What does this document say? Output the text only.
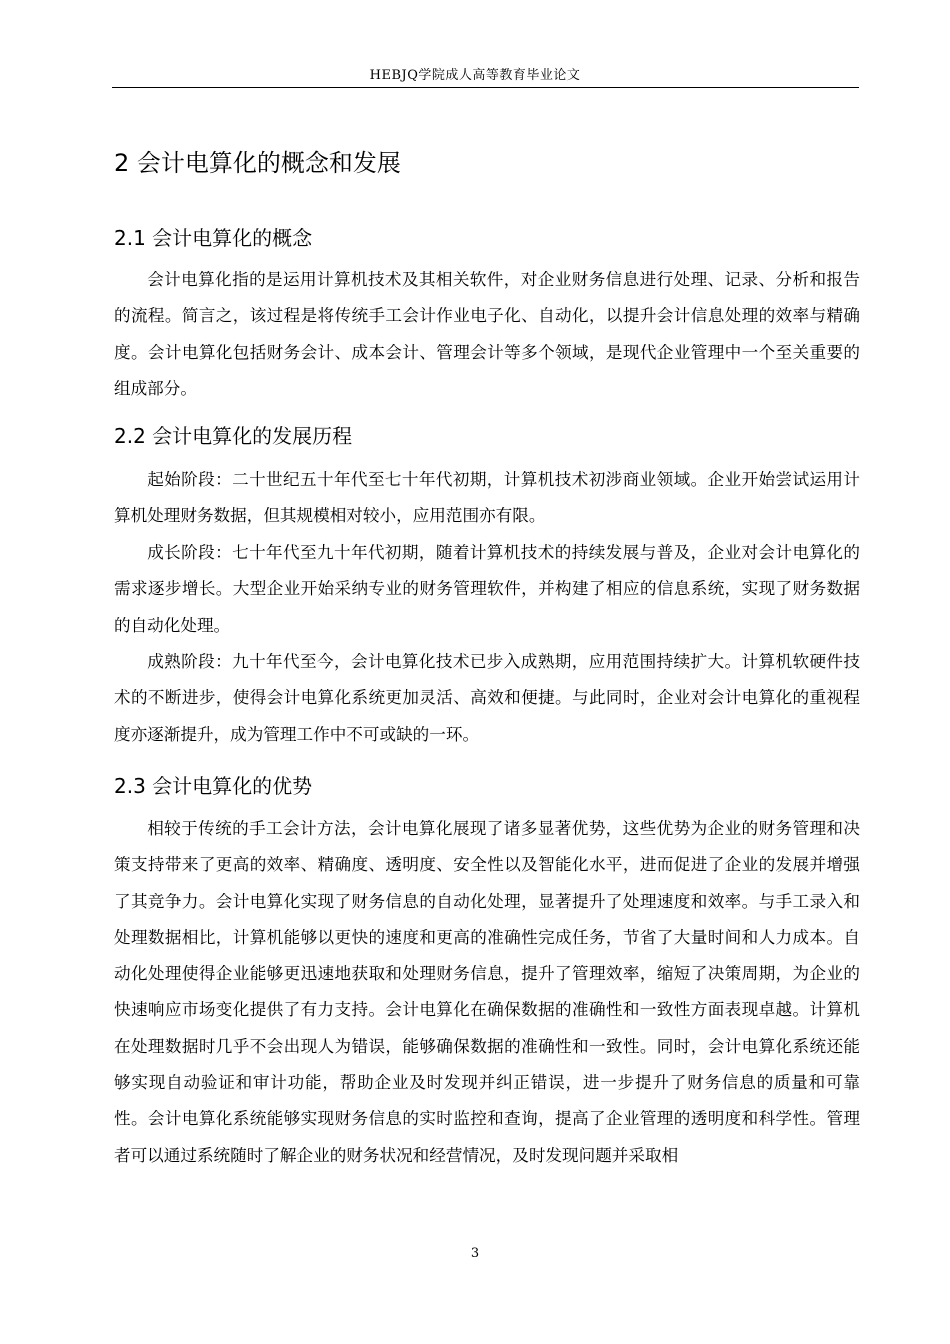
HEBJQ学院成人高等教育毕业论文
2 会计电算化的概念和发展
2.1 会计电算化的概念

会计电算化指的是运用计算机技术及其相关软件，对企业财务信息进行处理、记录、分析和报告的流程。简言之，该过程是将传统手工会计作业电子化、自动化，以提升会计信息处理的效率与精确度。会计电算化包括财务会计、成本会计、管理会计等多个领域，是现代企业管理中一个至关重要的组成部分。

2.2 会计电算化的发展历程

起始阶段：二十世纪五十年代至七十年代初期，计算机技术初涉商业领域。企业开始尝试运用计算机处理财务数据，但其规模相对较小，应用范围亦有限。

成长阶段：七十年代至九十年代初期，随着计算机技术的持续发展与普及，企业对会计电算化的需求逐步增长。大型企业开始采纳专业的财务管理软件，并构建了相应的信息系统，实现了财务数据的自动化处理。

成熟阶段：九十年代至今，会计电算化技术已步入成熟期，应用范围持续扩大。计算机软硬件技术的不断进步，使得会计电算化系统更加灵活、高效和便捷。与此同时，企业对会计电算化的重视程度亦逐渐提升，成为管理工作中不可或缺的一环。

2.3 会计电算化的优势

相较于传统的手工会计方法，会计电算化展现了诸多显著优势，这些优势为企业的财务管理和决策支持带来了更高的效率、精确度、透明度、安全性以及智能化水平，进而促进了企业的发展并增强了其竞争力。会计电算化实现了财务信息的自动化处理，显著提升了处理速度和效率。与手工录入和处理数据相比，计算机能够以更快的速度和更高的准确性完成任务，节省了大量时间和人力成本。自动化处理使得企业能够更迅速地获取和处理财务信息，提升了管理效率，缩短了决策周期，为企业的快速响应市场变化提供了有力支持。会计电算化在确保数据的准确性和一致性方面表现卓越。计算机在处理数据时几乎不会出现人为错误，能够确保数据的准确性和一致性。同时，会计电算化系统还能够实现自动验证和审计功能，帮助企业及时发现并纠正错误，进一步提升了财务信息的质量和可靠性。会计电算化系统能够实现财务信息的实时监控和查询，提高了企业管理的透明度和科学性。管理者可以通过系统随时了解企业的财务状况和经营情况，及时发现问题并采取相

3
